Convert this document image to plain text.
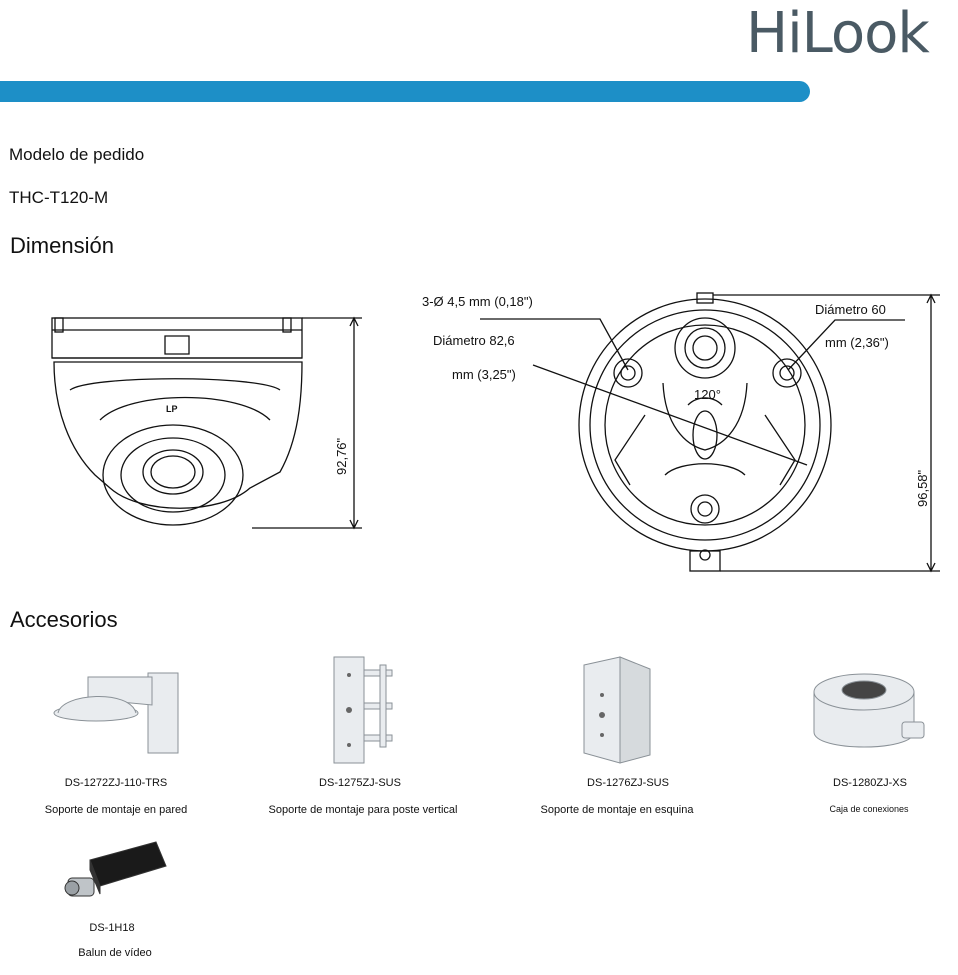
HiLook
Modelo de pedido
THC-T120-M
Dimensión
LP
92,76"
3-Ø 4,5 mm (0,18")
Diámetro 82,6
mm (3,25")
Diámetro 60
mm (2,36")
120°
96,58"
Accesorios
DS-1272ZJ-110-TRS
Soporte de montaje en pared
DS-1275ZJ-SUS
Soporte de montaje para poste vertical
DS-1276ZJ-SUS
Soporte de montaje en esquina
DS-1280ZJ-XS
Caja de conexiones
DS-1H18
Balun de vídeo
